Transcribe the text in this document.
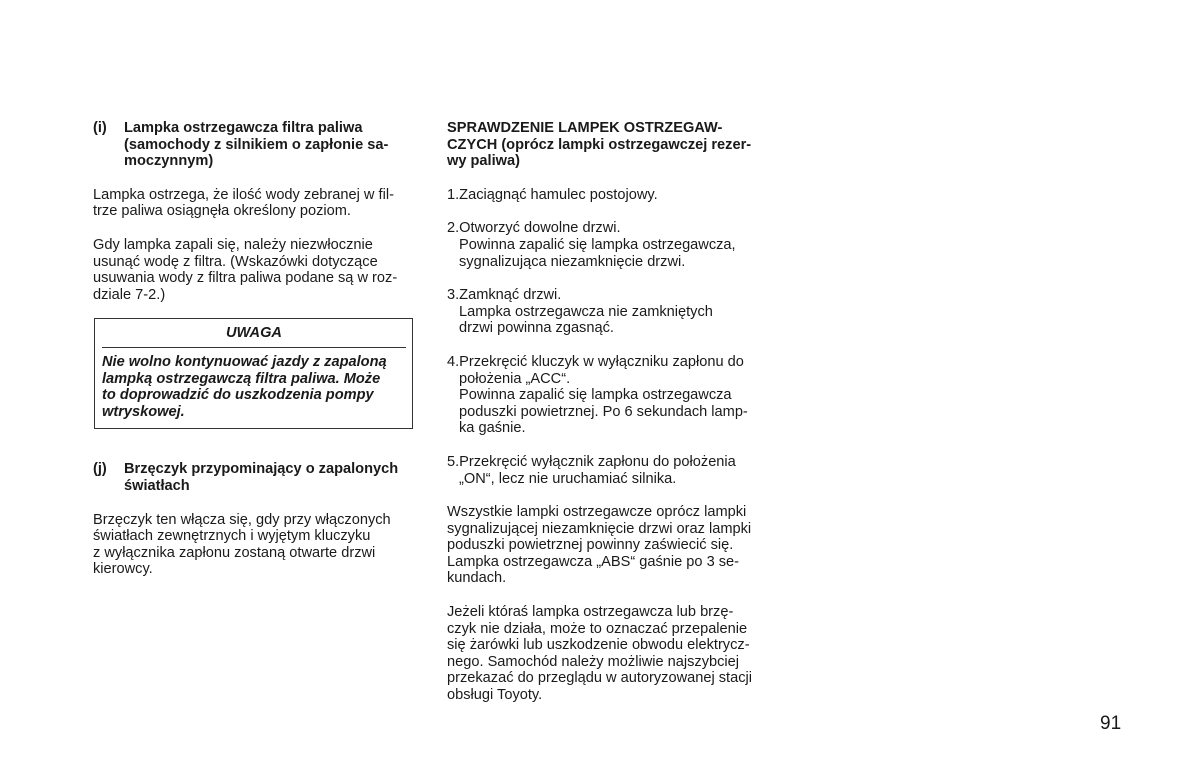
(i)	Lampka ostrzegawcza filtra paliwa
(samochody z silnikiem o zapłonie sa-
moczynnym)

Lampka ostrzega, że ilość wody zebranej w fil-
trze paliwa osiągnęła określony poziom.

Gdy lampka zapali się, należy niezwłocznie
usunąć wodę z filtra. (Wskazówki dotyczące
usuwania wody z filtra paliwa podane są w roz-
dziale 7-2.)

UWAGA
Nie wolno kontynuować jazdy z zapaloną
lampką ostrzegawczą filtra paliwa. Może
to doprowadzić do uszkodzenia pompy
wtryskowej.
(j)	Brzęczyk przypominający o zapalonych
światłach

Brzęczyk ten włącza się, gdy przy włączonych
światłach zewnętrznych i wyjętym kluczyku
z wyłącznika zapłonu zostaną otwarte drzwi
kierowcy.

SPRAWDZENIE LAMPEK OSTRZEGAW-
CZYCH (oprócz lampki ostrzegawczej rezer-
wy paliwa)
1.Zaciągnąć hamulec postojowy.
2.Otworzyć dowolne drzwi.
Powinna zapalić się lampka ostrzegawcza,
sygnalizująca niezamknięcie drzwi.
3.Zamknąć drzwi.
Lampka ostrzegawcza nie zamkniętych
drzwi powinna zgasnąć.
4.Przekręcić kluczyk w wyłączniku zapłonu do
położenia „ACC“.
Powinna zapalić się lampka ostrzegawcza
poduszki powietrznej. Po 6 sekundach lamp-
ka gaśnie.
5.Przekręcić wyłącznik zapłonu do położenia
„ON“, lecz nie uruchamiać silnika.

Wszystkie lampki ostrzegawcze oprócz lampki
sygnalizującej niezamknięcie drzwi oraz lampki
poduszki powietrznej powinny zaświecić się.
Lampka ostrzegawcza „ABS“ gaśnie po 3 se-
kundach.

Jeżeli któraś lampka ostrzegawcza lub brzę-
czyk nie działa, może to oznaczać przepalenie
się żarówki lub uszkodzenie obwodu elektrycz-
nego. Samochód należy możliwie najszybciej
przekazać do przeglądu w autoryzowanej stacji
obsługi Toyoty.

91
